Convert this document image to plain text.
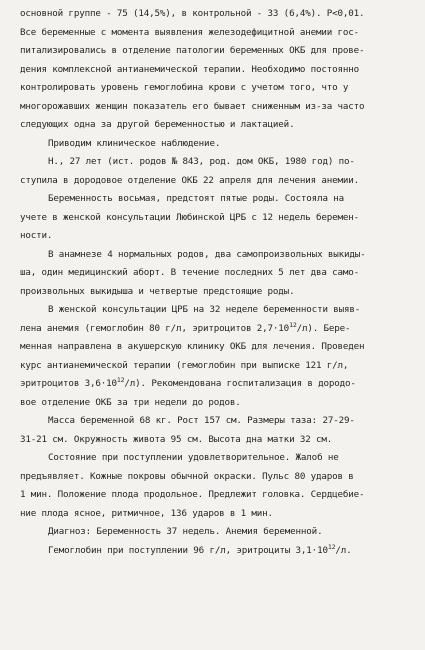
основной группе - 75 (14,5%), в контрольной - 33 (6,4%). P<0,01.
Все беременные с момента выявления железодефицитной анемии гос-
питализировались в отделение патологии беременных ОКБ для прове-
дения комплексной антианемической терапии. Необходимо постоянно
контролировать уровень гемоглобина крови с учетом того, что у
многорожавших женщин показатель его бывает сниженным из-за часто
следующих одна за другой беременностью и лактацией.
Приводим клиническое наблюдение.
Н., 27 лет (ист. родов № 843, род. дом ОКБ, 1980 год) по-
ступила в дородовое отделение ОКБ 22 апреля для лечения анемии.
Беременность восьмая, предстоят пятые роды. Состояла на
учете в женской консультации Любинской ЦРБ с 12 недель беремен-
ности.
В анамнезе 4 нормальных родов, два самопроизвольных выкиды-
ша, один медицинский аборт. В течение последних 5 лет два само-
произвольных выкидыша и четвертые предстоящие роды.
В женской консультации ЦРБ на 32 неделе беременности выяв-
лена анемия (гемоглобин 80 г/л, эритроцитов $2,7\cdot 10^{12}/л$). Бере-
менная направлена в акушерскую клинику ОКБ для лечения. Проведен
курс антианемической терапии (гемоглобин при выписке 121 г/л,
эритроцитов $3,6\cdot 10^{12}/л$). Рекомендована госпитализация в дородо-
вое отделение ОКБ за три недели до родов.
Масса беременной 68 кг. Рост 157 см. Размеры таза: 27-29-
31-21 см. Окружность живота 95 см. Высота дна матки 32 см.
Состояние при поступлении удовлетворительное. Жалоб не
предъявляет. Кожные покровы обычной окраски. Пульс 80 ударов в
1 мин. Положение плода продольное. Предлежит головка. Сердцебие-
ние плода ясное, ритмичное, 136 ударов в 1 мин.
Диагноз: Беременность 37 недель. Анемия беременной.
Гемоглобин при поступлении 96 г/л, эритроциты $3,1\cdot 10^{12}/л$.
